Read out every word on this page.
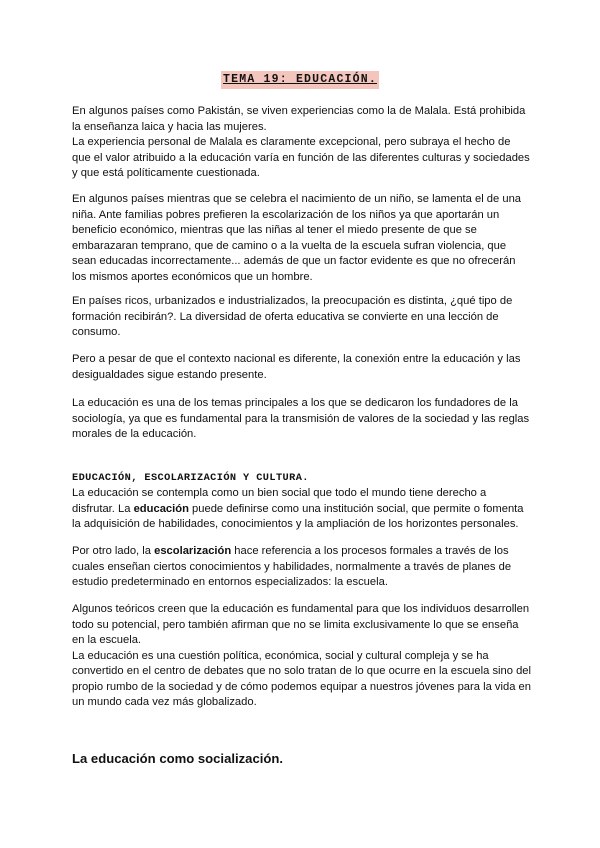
TEMA 19: EDUCACIÓN.

En algunos países como Pakistán, se viven experiencias como la de Malala. Está prohibida la enseñanza laica y hacia las mujeres.

La experiencia personal de Malala es claramente excepcional, pero subraya el hecho de que el valor atribuido a la educación varía en función de las diferentes culturas y sociedades y que está políticamente cuestionada.

En algunos países mientras que se celebra el nacimiento de un niño, se lamenta el de una niña. Ante familias pobres prefieren la escolarización de los niños ya que aportarán un beneficio económico, mientras que las niñas al tener el miedo presente de que se embarazaran temprano, que de camino o a la vuelta de la escuela sufran violencia, que sean educadas incorrectamente... además de que un factor evidente es que no ofrecerán los mismos aportes económicos que un hombre.

En países ricos, urbanizados e industrializados, la preocupación es distinta, ¿qué tipo de formación recibirán?. La diversidad de oferta educativa se convierte en una lección de consumo.

Pero a pesar de que el contexto nacional es diferente, la conexión entre la educación y las desigualdades sigue estando presente.

La educación es una de los temas principales a los que se dedicaron los fundadores de la sociología, ya que es fundamental para la transmisión de valores de la sociedad y las reglas morales de la educación.

EDUCACIÓN, ESCOLARIZACIÓN Y CULTURA.

La educación se contempla como un bien social que todo el mundo tiene derecho a disfrutar. La educación puede definirse como una institución social, que permite o fomenta la adquisición de habilidades, conocimientos y la ampliación de los horizontes personales.

Por otro lado, la escolarización hace referencia a los procesos formales a través de los cuales enseñan ciertos conocimientos y habilidades, normalmente a través de planes de estudio predeterminado en entornos especializados: la escuela.

Algunos teóricos creen que la educación es fundamental para que los individuos desarrollen todo su potencial, pero también afirman que no se limita exclusivamente lo que se enseña en la escuela.

La educación es una cuestión política, económica, social y cultural compleja y se ha convertido en el centro de debates que no solo tratan de lo que ocurre en la escuela sino del propio rumbo de la sociedad y de cómo podemos equipar a nuestros jóvenes para la vida en un mundo cada vez más globalizado.

La educación como socialización.
